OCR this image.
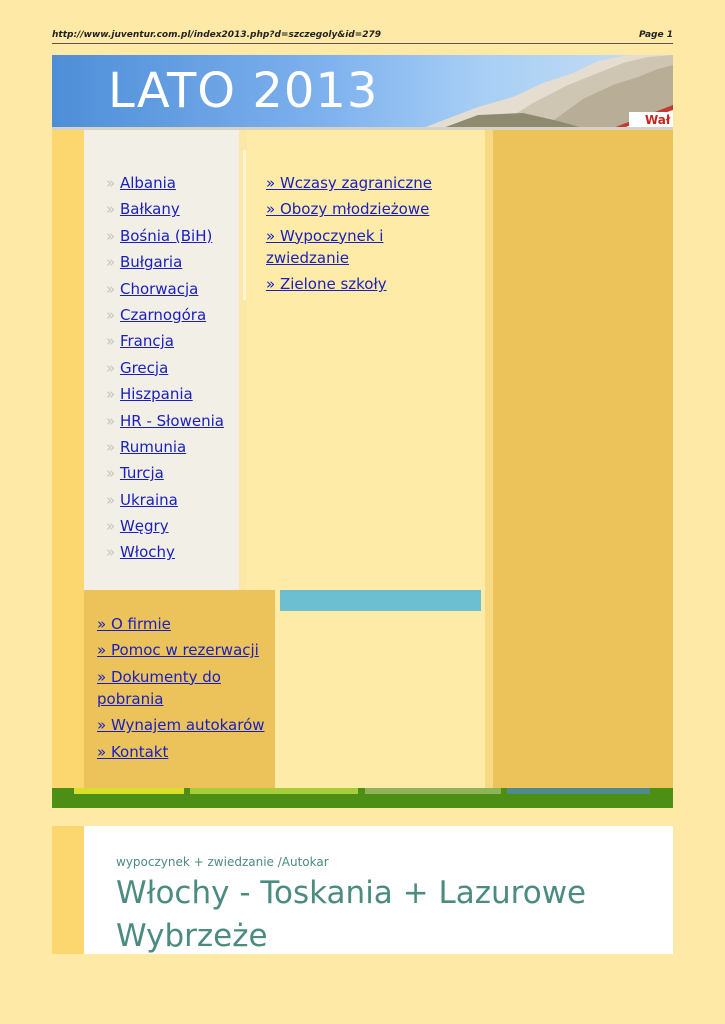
http://www.juventur.com.pl/index2013.php?d=szczegoly&id=279	Page 1
Wał
LATO 2013
» Albania
» Bałkany
» Bośnia (BiH)
» Bułgaria
» Chorwacja
» Czarnogóra
» Francja
» Grecja
» Hiszpania
» HR - Słowenia
» Rumunia
» Turcja
» Ukraina
» Węgry
» Włochy
» Wczasy zagraniczne
» Obozy młodzieżowe
» Wypoczynek i zwiedzanie
» Zielone szkoły
» O firmie
» Pomoc w rezerwacji
» Dokumenty do pobrania
» Wynajem autokarów
» Kontakt
wypoczynek + zwiedzanie /Autokar
Włochy - Toskania + Lazurowe Wybrzeże
